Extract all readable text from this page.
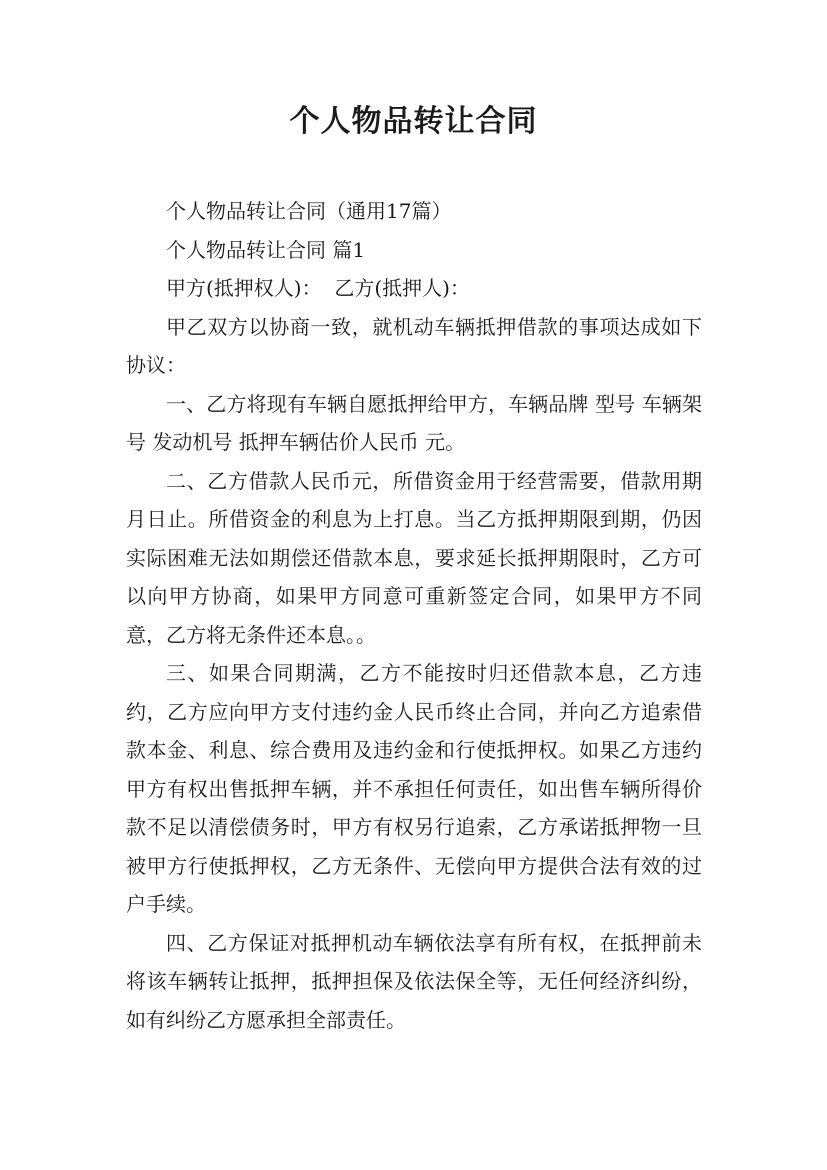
个人物品转让合同

个人物品转让合同（通用17篇）

个人物品转让合同 篇1

甲方(抵押权人)：  乙方(抵押人)：

甲乙双方以协商一致，就机动车辆抵押借款的事项达成如下协议：

一、乙方将现有车辆自愿抵押给甲方，车辆品牌 型号 车辆架号 发动机号 抵押车辆估价人民币 元。

二、乙方借款人民币元，所借资金用于经营需要，借款用期月日止。所借资金的利息为上打息。当乙方抵押期限到期，仍因实际困难无法如期偿还借款本息，要求延长抵押期限时，乙方可以向甲方协商，如果甲方同意可重新签定合同，如果甲方不同意，乙方将无条件还本息。。

三、如果合同期满，乙方不能按时归还借款本息，乙方违约，乙方应向甲方支付违约金人民币终止合同，并向乙方追索借款本金、利息、综合费用及违约金和行使抵押权。如果乙方违约甲方有权出售抵押车辆，并不承担任何责任，如出售车辆所得价款不足以清偿债务时，甲方有权另行追索，乙方承诺抵押物一旦被甲方行使抵押权，乙方无条件、无偿向甲方提供合法有效的过户手续。

四、乙方保证对抵押机动车辆依法享有所有权，在抵押前未将该车辆转让抵押，抵押担保及依法保全等，无任何经济纠纷，如有纠纷乙方愿承担全部责任。
